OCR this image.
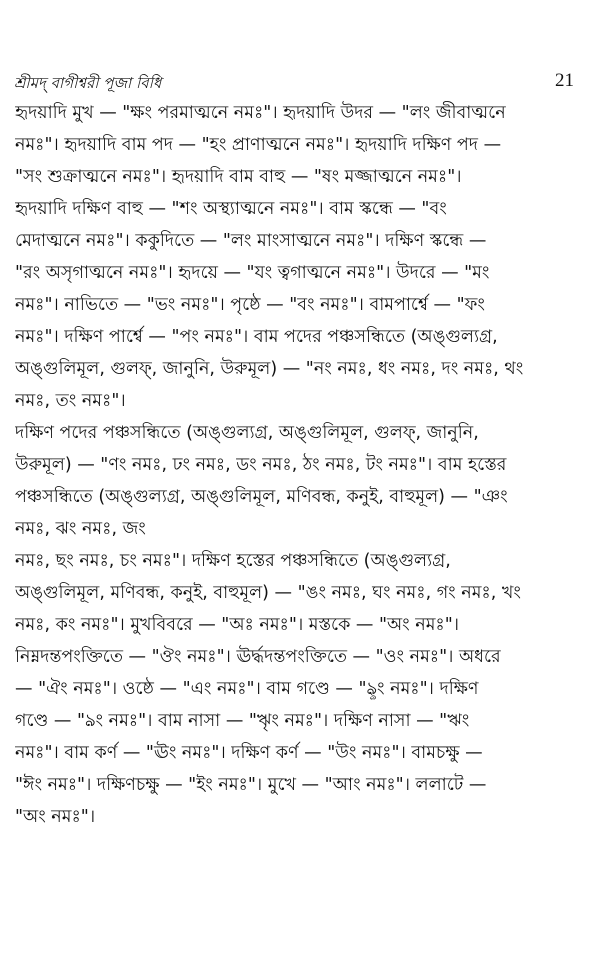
শ্রীমদ্ বাগীশ্বরী পূজা বিধি	21
হৃদয়াদি মুখ — "ক্ষং পরমাত্মনে নমঃ"। হৃদয়াদি উদর — "লং জীবাত্মনে
নমঃ"। হৃদয়াদি বাম পদ — "হং প্রাণাত্মনে নমঃ"। হৃদয়াদি দক্ষিণ পদ —
"সং শুক্রাত্মনে নমঃ"। হৃদয়াদি বাম বাহু — "ষং মজ্জাত্মনে নমঃ"।
হৃদয়াদি দক্ষিণ বাহু — "শং অস্থ্যাত্মনে নমঃ"। বাম স্কন্ধে — "বং
মেদাত্মনে নমঃ"। ককুদিতে — "লং মাংসাত্মনে নমঃ"। দক্ষিণ স্কন্ধে —
"রং অসৃগাত্মনে নমঃ"। হৃদয়ে — "যং ত্বগাত্মনে নমঃ"। উদরে — "মং
নমঃ"। নাভিতে — "ভং নমঃ"। পৃষ্ঠে — "বং নমঃ"। বামপার্শ্বে — "ফং
নমঃ"। দক্ষিণ পার্শ্বে — "পং নমঃ"। বাম পদের পঞ্চসন্ধিতে (অঙ্গুল্যগ্র,
অঙ্গুলিমূল, গুলফ্, জানুনি, উরুমূল) — "নং নমঃ, ধং নমঃ, দং নমঃ, থং
নমঃ, তং নমঃ"।
দক্ষিণ পদের পঞ্চসন্ধিতে (অঙ্গুল্যগ্র, অঙ্গুলিমূল, গুলফ্, জানুনি,
উরুমূল) — "ণং নমঃ, ঢং নমঃ, ডং নমঃ, ঠং নমঃ, টং নমঃ"। বাম হস্তের
পঞ্চসন্ধিতে (অঙ্গুল্যগ্র, অঙ্গুলিমূল, মণিবন্ধ, কনুই, বাহুমূল) — "ঞং
নমঃ, ঝং নমঃ, জং
নমঃ, ছং নমঃ, চং নমঃ"। দক্ষিণ হস্তের পঞ্চসন্ধিতে (অঙ্গুল্যগ্র,
অঙ্গুলিমূল, মণিবন্ধ, কনুই, বাহুমূল) — "ঙং নমঃ, ঘং নমঃ, গং নমঃ, খং
নমঃ, কং নমঃ"। মুখবিবরে — "অঃ নমঃ"। মস্তকে — "অং নমঃ"।
নিম্নদন্তপংক্তিতে — "ঔং নমঃ"। ঊর্দ্ধদন্তপংক্তিতে — "ওং নমঃ"। অধরে
— "ঐং নমঃ"। ওষ্ঠে — "এং নমঃ"। বাম গণ্ডে — "ৡং নমঃ"। দক্ষিণ
গণ্ডে — "ঌং নমঃ"। বাম নাসা — "ৠং নমঃ"। দক্ষিণ নাসা — "ঋং
নমঃ"। বাম কর্ণ — "ঊং নমঃ"। দক্ষিণ কর্ণ — "উং নমঃ"। বামচক্ষু —
"ঈং নমঃ"। দক্ষিণচক্ষু — "ইং নমঃ"। মুখে — "আং নমঃ"। ললাটে —
"অং নমঃ"।
